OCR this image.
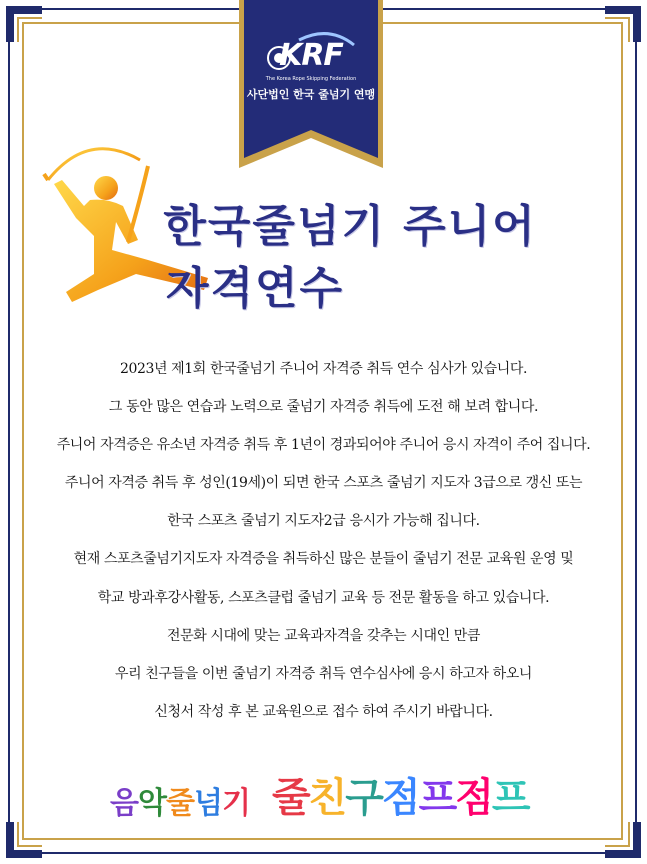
KRF
The Korea Rope Skipping Federation
사단법인 한국 줄넘기 연맹
한국줄넘기 주니어
자격연수

2023년 제1회 한국줄넘기 주니어 자격증 취득 연수 심사가 있습니다.

그 동안 많은 연습과 노력으로 줄넘기 자격증 취득에 도전 해 보려 합니다.

주니어 자격증은 유소년 자격증 취득 후 1년이 경과되어야 주니어 응시 자격이 주어 집니다.

주니어 자격증 취득 후 성인(19세)이 되면 한국 스포츠 줄넘기 지도자 3급으로 갱신 또는

한국 스포츠 줄넘기 지도자2급 응시가 가능해 집니다.

현재 스포츠줄넘기지도자 자격증을 취득하신 많은 분들이 줄넘기 전문 교육원 운영 및

학교 방과후강사활동, 스포츠클럽 줄넘기 교육 등 전문 활동을 하고 있습니다.

전문화 시대에 맞는 교육과자격을 갖추는 시대인 만큼

우리 친구들을 이번 줄넘기 자격증 취득 연수심사에 응시 하고자 하오니

신청서 작성 후 본 교육원으로 접수 하여 주시기 바랍니다.

음악줄넘기 줄친구점프점프
